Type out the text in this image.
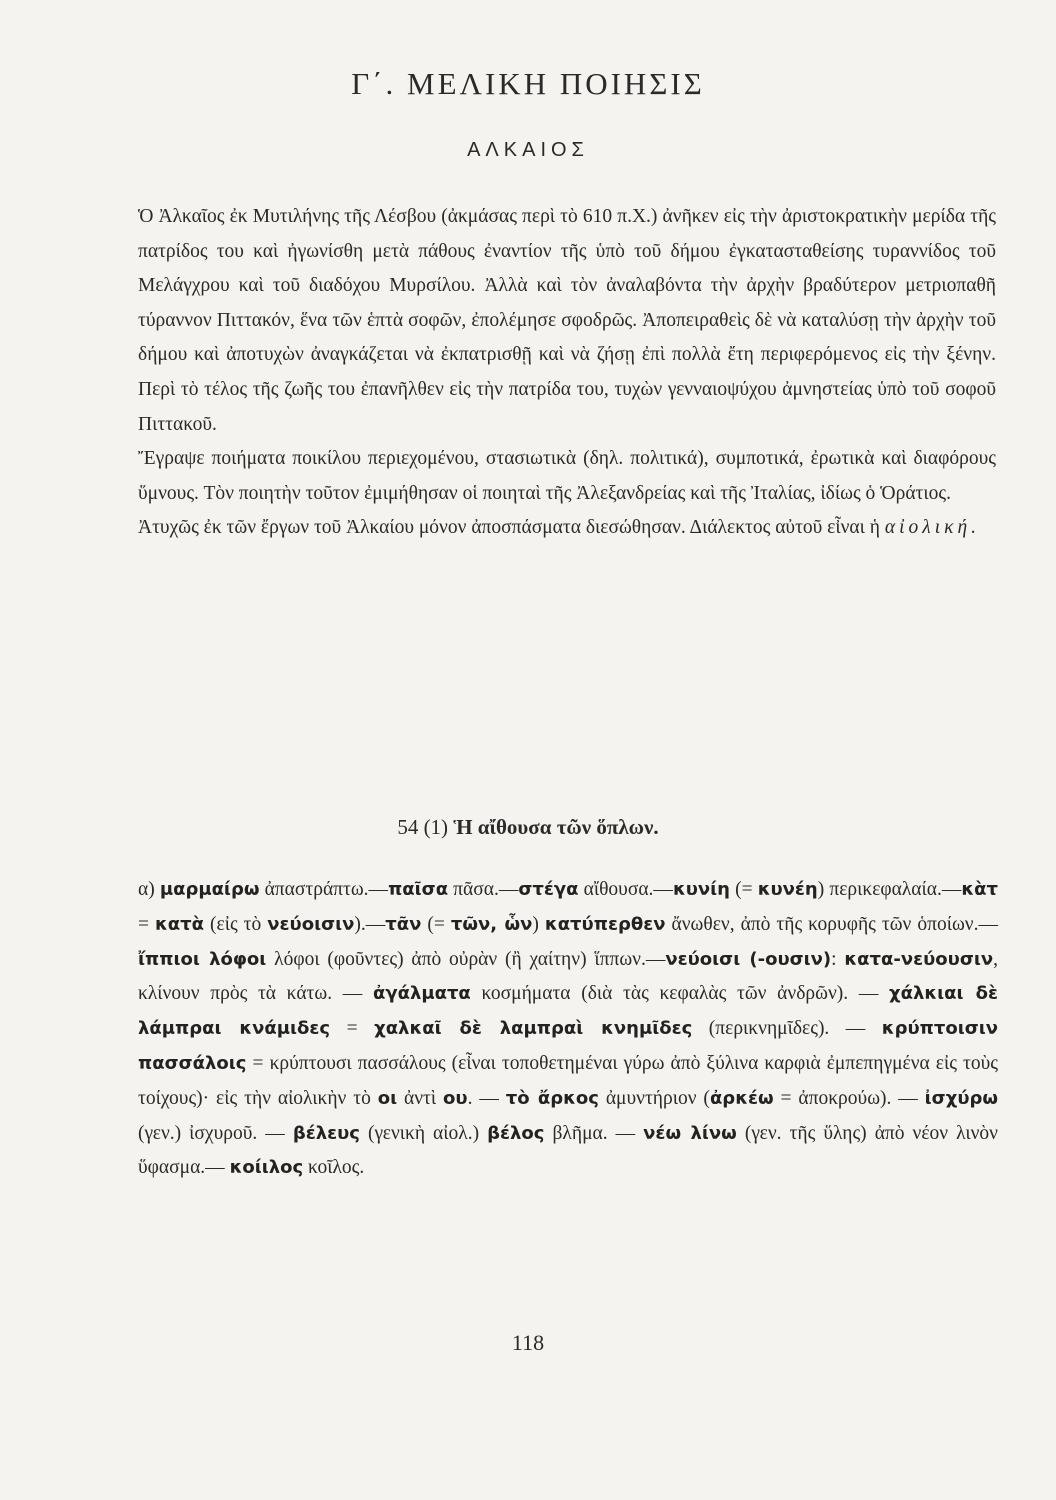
Γ΄. ΜΕΛΙΚΗ ΠΟΙΗΣΙΣ
ΑΛΚΑΙΟΣ

Ὁ Ἀλκαῖος ἐκ Μυτιλήνης τῆς Λέσβου (ἀκμάσας περὶ τὸ 610 π.Χ.) ἀνῆκεν εἰς τὴν ἀριστοκρατικὴν μερίδα τῆς πατρίδος του καὶ ἠγωνίσθη μετὰ πάθους ἐναντίον τῆς ὑπὸ τοῦ δήμου ἐγκατασταθείσης τυραννίδος τοῦ Μελάγχρου καὶ τοῦ διαδόχου Μυρσίλου. Ἀλλὰ καὶ τὸν ἀναλαβόντα τὴν ἀρχὴν βραδύτερον μετριοπαθῆ τύραννον Πιττακόν, ἕνα τῶν ἑπτὰ σοφῶν, ἐπολέμησε σφοδρῶς. Ἀποπειραθεὶς δὲ νὰ καταλύσῃ τὴν ἀρχὴν τοῦ δήμου καὶ ἀποτυχὼν ἀναγκάζεται νὰ ἐκπατρισθῇ καὶ νὰ ζήσῃ ἐπὶ πολλὰ ἔτη περιφερόμενος εἰς τὴν ξένην. Περὶ τὸ τέλος τῆς ζωῆς του ἐπανῆλθεν εἰς τὴν πατρίδα του, τυχὼν γενναιοψύχου ἀμνηστείας ὑπὸ τοῦ σοφοῦ Πιττακοῦ.

Ἔγραψε ποιήματα ποικίλου περιεχομένου, στασιωτικὰ (δηλ. πολιτικά), συμποτικά, ἐρωτικὰ καὶ διαφόρους ὕμνους. Τὸν ποιητὴν τοῦτον ἐμιμήθησαν οἱ ποιηταὶ τῆς Ἀλεξανδρείας καὶ τῆς Ἰταλίας, ἰδίως ὁ Ὁράτιος.

Ἀτυχῶς ἐκ τῶν ἔργων τοῦ Ἀλκαίου μόνον ἀποσπάσματα διεσώθησαν. Διάλεκτος αὐτοῦ εἶναι ἡ αἰολική.

54 (1) Ἡ αἴθουσα τῶν ὅπλων.

α) μαρμαίρω ἀπαστράπτω.—παῖσα πᾶσα.—στέγα αἴθουσα.—κυνίη (= κυνέη) περικεφαλαία.—κὰτ = κατὰ (εἰς τὸ νεύοισιν).—τᾶν (= τῶν, ὧν) κατύπερθεν ἄνωθεν, ἀπὸ τῆς κορυφῆς τῶν ὁποίων.—ἴππιοι λόφοι λόφοι (φοῦντες) ἀπὸ οὐρὰν (ἢ χαίτην) ἵππων.—νεύοισι (-ουσιν): κατα-νεύουσιν, κλίνουν πρὸς τὰ κάτω. — ἀγάλματα κοσμήματα (διὰ τὰς κεφαλὰς τῶν ἀνδρῶν). — χάλκιαι δὲ λάμπραι κνάμιδες = χαλκαῖ δὲ λαμπραὶ κνημῖδες (περικνημῖδες). — κρύπτοισιν πασσάλοις = κρύπτουσι πασσάλους (εἶναι τοποθετημέναι γύρω ἀπὸ ξύλινα καρφιὰ ἐμπεπηγμένα εἰς τοὺς τοίχους)· εἰς τὴν αἰολικὴν τὸ οι ἀντὶ ου. — τὸ ἄρκος ἀμυντήριον (ἀρκέω = ἀποκρούω). — ἰσχύρω (γεν.) ἰσχυροῦ. — βέλευς (γενικὴ αἰολ.) βέλος βλῆμα. — νέω λίνω (γεν. τῆς ὕλης) ἀπὸ νέον λινὸν ὕφασμα.— κοίιλος κοῖλος.

118
